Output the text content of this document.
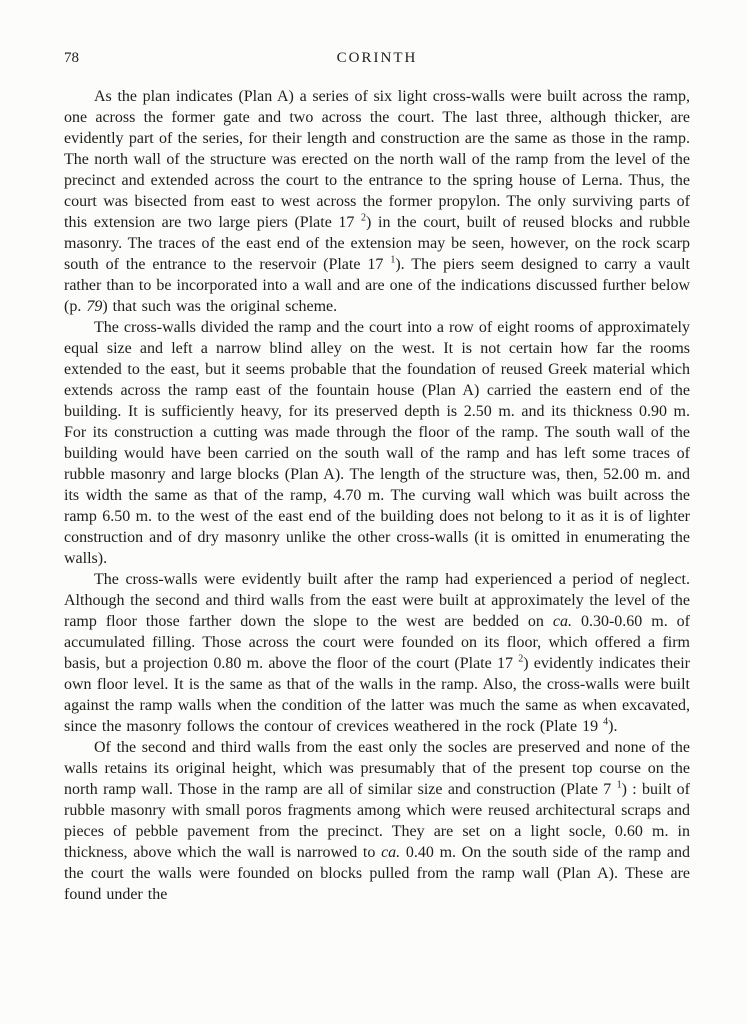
78	CORINTH

As the plan indicates (Plan A) a series of six light cross-walls were built across the ramp, one across the former gate and two across the court. The last three, although thicker, are evidently part of the series, for their length and construction are the same as those in the ramp. The north wall of the structure was erected on the north wall of the ramp from the level of the precinct and extended across the court to the entrance to the spring house of Lerna. Thus, the court was bisected from east to west across the former propylon. The only surviving parts of this extension are two large piers (Plate 17 $^2$) in the court, built of reused blocks and rubble masonry. The traces of the east end of the extension may be seen, however, on the rock scarp south of the entrance to the reservoir (Plate 17 $^1$). The piers seem designed to carry a vault rather than to be incorporated into a wall and are one of the indications discussed further below (p. 79) that such was the original scheme.

The cross-walls divided the ramp and the court into a row of eight rooms of approximately equal size and left a narrow blind alley on the west. It is not certain how far the rooms extended to the east, but it seems probable that the foundation of reused Greek material which extends across the ramp east of the fountain house (Plan A) carried the eastern end of the building. It is sufficiently heavy, for its preserved depth is 2.50 m. and its thickness 0.90 m. For its construction a cutting was made through the floor of the ramp. The south wall of the building would have been carried on the south wall of the ramp and has left some traces of rubble masonry and large blocks (Plan A). The length of the structure was, then, 52.00 m. and its width the same as that of the ramp, 4.70 m. The curving wall which was built across the ramp 6.50 m. to the west of the east end of the building does not belong to it as it is of lighter construction and of dry masonry unlike the other cross-walls (it is omitted in enumerating the walls).

The cross-walls were evidently built after the ramp had experienced a period of neglect. Although the second and third walls from the east were built at approximately the level of the ramp floor those farther down the slope to the west are bedded on ca. 0.30-0.60 m. of accumulated filling. Those across the court were founded on its floor, which offered a firm basis, but a projection 0.80 m. above the floor of the court (Plate 17 $^2$) evidently indicates their own floor level. It is the same as that of the walls in the ramp. Also, the cross-walls were built against the ramp walls when the condition of the latter was much the same as when excavated, since the masonry follows the contour of crevices weathered in the rock (Plate 19 $^4$).

Of the second and third walls from the east only the socles are preserved and none of the walls retains its original height, which was presumably that of the present top course on the north ramp wall. Those in the ramp are all of similar size and construction (Plate 7 $^1$) : built of rubble masonry with small poros fragments among which were reused architectural scraps and pieces of pebble pavement from the precinct. They are set on a light socle, 0.60 m. in thickness, above which the wall is narrowed to ca. 0.40 m. On the south side of the ramp and the court the walls were founded on blocks pulled from the ramp wall (Plan A). These are found under the
